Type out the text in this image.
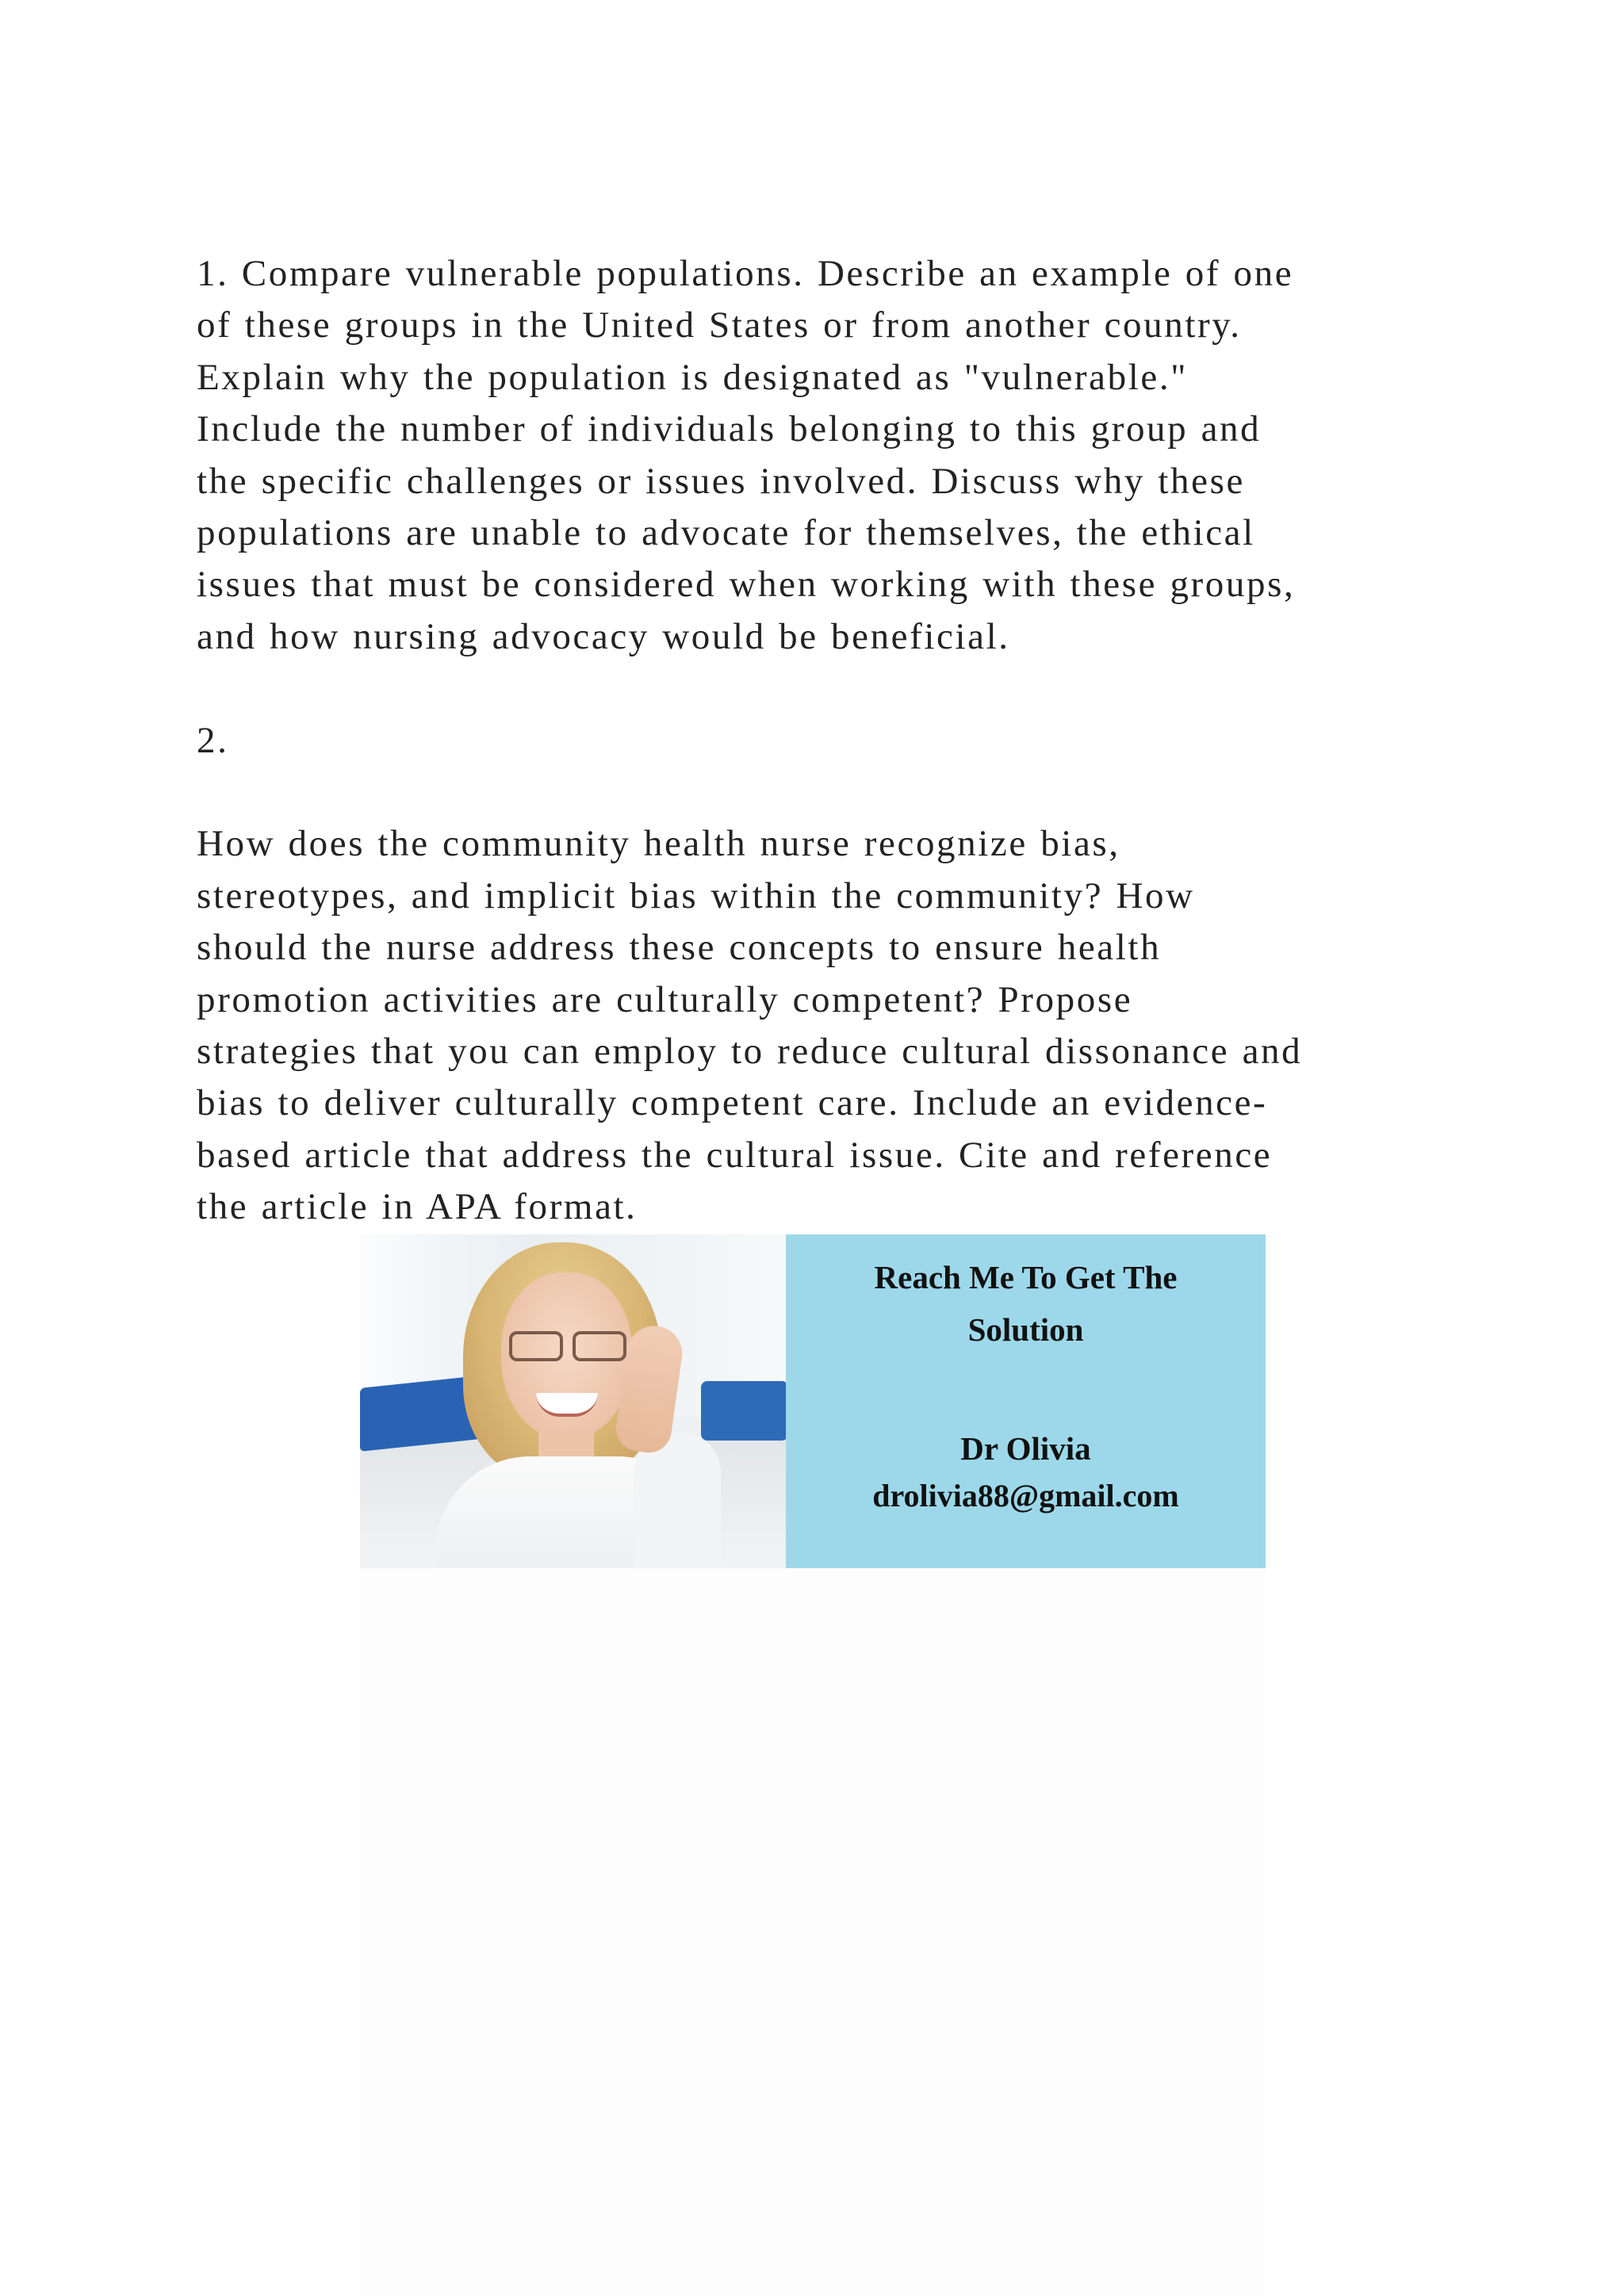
1. Compare vulnerable populations. Describe an example of one
of these groups in the United States or from another country.
Explain why the population is designated as "vulnerable."
Include the number of individuals belonging to this group and
the specific challenges or issues involved. Discuss why these
populations are unable to advocate for themselves, the ethical
issues that must be considered when working with these groups,
and how nursing advocacy would be beneficial.
2.
How does the community health nurse recognize bias,
stereotypes, and implicit bias within the community? How
should the nurse address these concepts to ensure health
promotion activities are culturally competent? Propose
strategies that you can employ to reduce cultural dissonance and
bias to deliver culturally competent care. Include an evidence-
based article that address the cultural issue. Cite and reference
the article in APA format.
Reach Me To Get The
Solution
Dr Olivia
drolivia88@gmail.com
